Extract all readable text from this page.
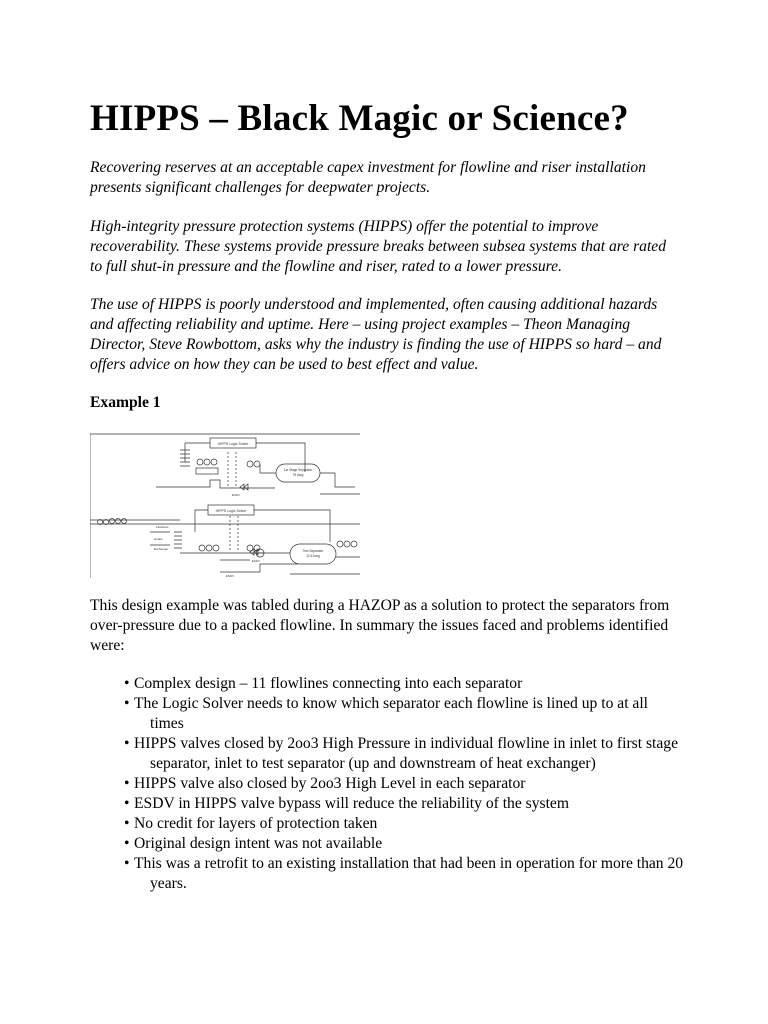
HIPPS – Black Magic or Science?

Recovering reserves at an acceptable capex investment for flowline and riser installation presents significant challenges for deepwater projects.

High-integrity pressure protection systems (HIPPS) offer the potential to improve recoverability. These systems provide pressure breaks between subsea systems that are rated to full shut-in pressure and the flowline and riser, rated to a lower pressure.

The use of HIPPS is poorly understood and implemented, often causing additional hazards and affecting reliability and uptime. Here – using project examples – Theon Managing Director, Steve Rowbottom, asks why the industry is finding the use of HIPPS so hard – and offers advice on how they can be used to best effect and value.

Example 1

HIPPS Logic Solver
1st Stage Separator
75 barg
ESDV
HIPPS Logic Solver
Test Separator
12.5 barg
ESDV
ESDV
Flowlines
Heater
Exchanger

This design example was tabled during a HAZOP as a solution to protect the separators from over-pressure due to a packed flowline. In summary the issues faced and problems identified were:

• Complex design – 11 flowlines connecting into each separator
• The Logic Solver needs to know which separator each flowline is lined up to at all times
• HIPPS valves closed by 2oo3 High Pressure in individual flowline in inlet to first stage separator, inlet to test separator (up and downstream of heat exchanger)
• HIPPS valve also closed by 2oo3 High Level in each separator
• ESDV in HIPPS valve bypass will reduce the reliability of the system
• No credit for layers of protection taken
• Original design intent was not available
• This was a retrofit to an existing installation that had been in operation for more than 20 years.
